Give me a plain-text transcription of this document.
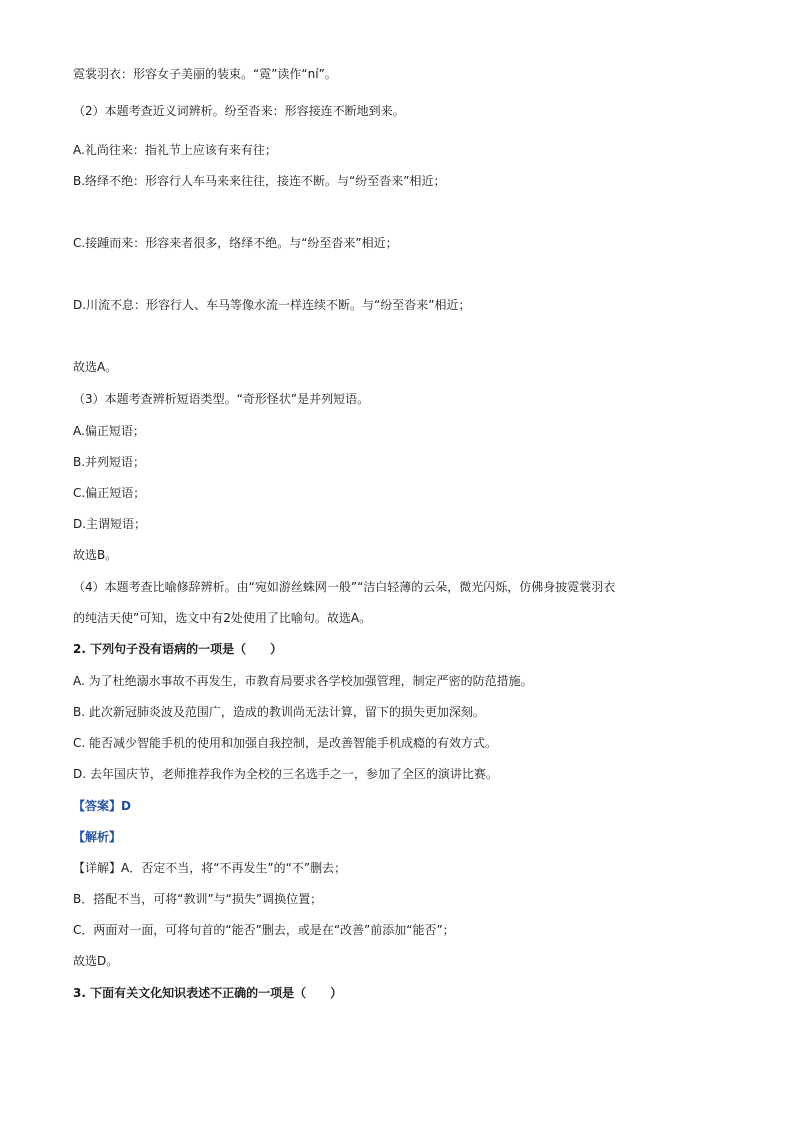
霓裳羽衣：形容女子美丽的装束。“霓”读作“ní”。
（2）本题考查近义词辨析。纷至沓来：形容接连不断地到来。
A.礼尚往来：指礼节上应该有来有往；
B.络绎不绝：形容行人车马来来往往，接连不断。与“纷至沓来”相近；
C.接踵而来：形容来者很多，络绎不绝。与“纷至沓来”相近；
D.川流不息：形容行人、车马等像水流一样连续不断。与“纷至沓来”相近；
故选A。
（3）本题考查辨析短语类型。“奇形怪状”是并列短语。
A.偏正短语；
B.并列短语；
C.偏正短语；
D.主谓短语；
故选B。
（4）本题考查比喻修辞辨析。由“宛如游丝蛛网一般”“洁白轻薄的云朵，微光闪烁，仿佛身披霓裳羽衣
的纯洁天使”可知，选文中有2处使用了比喻句。故选A。
2. 下列句子没有语病的一项是（　　）
A. 为了杜绝溺水事故不再发生，市教育局要求各学校加强管理，制定严密的防范措施。
B. 此次新冠肺炎波及范围广，造成的教训尚无法计算，留下的损失更加深刻。
C. 能否减少智能手机的使用和加强自我控制，是改善智能手机成瘾的有效方式。
D. 去年国庆节，老师推荐我作为全校的三名选手之一，参加了全区的演讲比赛。
【答案】D
【解析】
【详解】A．否定不当，将“不再发生”的“不”删去；
B．搭配不当，可将“教训”与“损失”调换位置；
C．两面对一面，可将句首的“能否”删去，或是在“改善”前添加“能否”；
故选D。
3. 下面有关文化知识表述不正确的一项是（　　）
